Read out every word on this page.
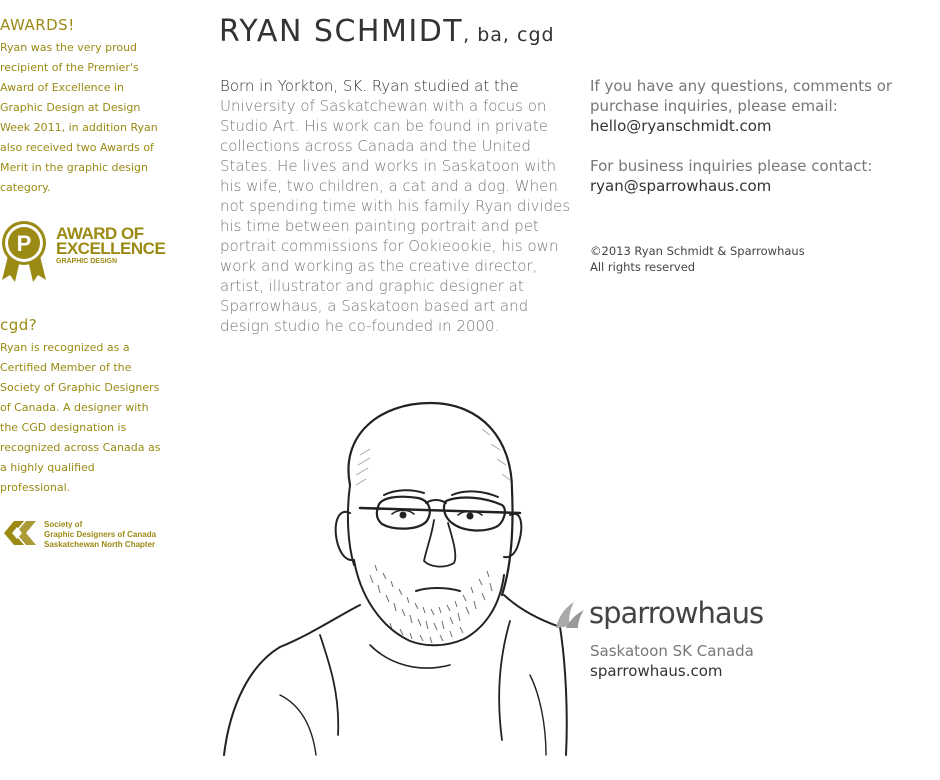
AWARDS!

Ryan was the very proud recipient of the Premier's Award of Excellence in Graphic Design at Design Week 2011, in addition Ryan also received two Awards of Merit in the graphic design category.

P AWARD OF
EXCELLENCE
GRAPHIC DESIGN
cgd?

Ryan is recognized as a Certified Member of the Society of Graphic Designers of Canada. A designer with the CGD designation is recognized across Canada as a highly qualified professional.

Society of

Graphic Designers of Canada

Saskatchewan North Chapter

RYAN SCHMIDT, ba, cgd

Born in Yorkton, SK. Ryan studied at the University of Saskatchewan with a focus on Studio Art. His work can be found in private collections across Canada and the United States. He lives and works in Saskatoon with his wife, two children, a cat and a dog. When not spending time with his family Ryan divides his time between painting portrait and pet portrait commissions for Ookieookie, his own work and working as the creative director, artist, illustrator and graphic designer at Sparrowhaus, a Saskatoon based art and design studio he co-founded in 2000.

If you have any questions, comments or purchase inquiries, please email:
hello@ryanschmidt.com

For business inquiries please contact:
ryan@sparrowhaus.com

©2013 Ryan Schmidt & Sparrowhaus
All rights reserved

sparrowhaus

Saskatoon SK Canada

sparrowhaus.com
